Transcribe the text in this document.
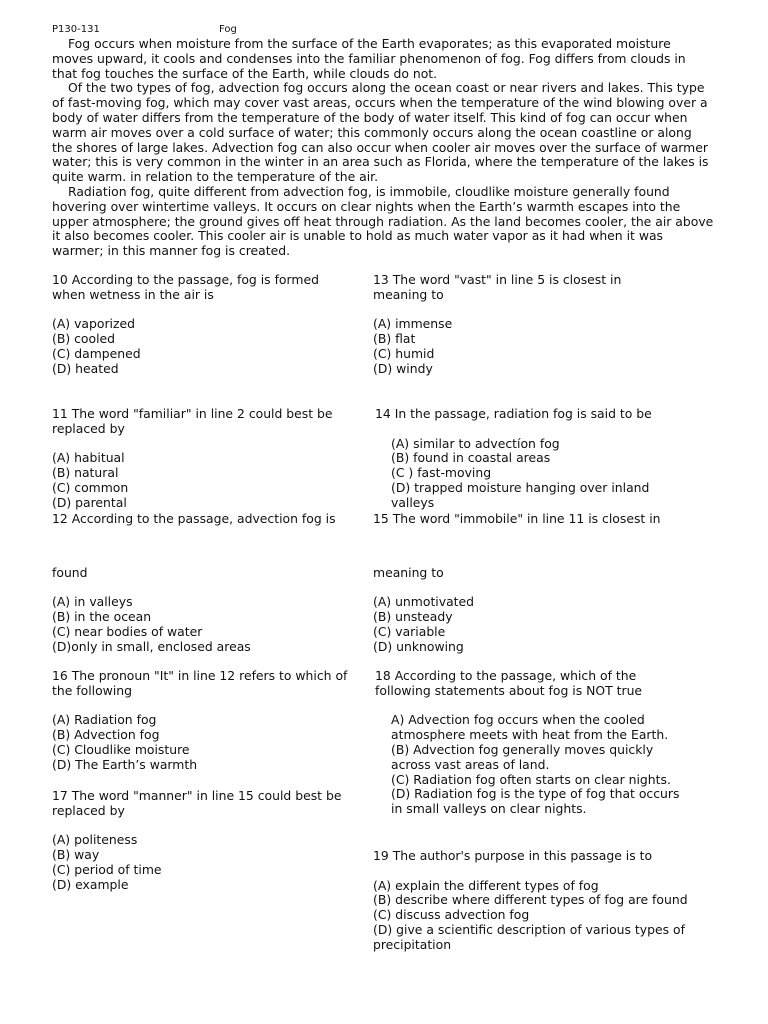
P130-131	Fog

Fog occurs when moisture from the surface of the Earth evaporates; as this evaporated moisture moves upward, it cools and condenses into the familiar phenomenon of fog. Fog differs from clouds in that fog touches the surface of the Earth, while clouds do not.

Of the two types of fog, advection fog occurs along the ocean coast or near rivers and lakes. This type of fast-moving fog, which may cover vast areas, occurs when the temperature of the wind blowing over a body of water differs from the temperature of the body of water itself. This kind of fog can occur when warm air moves over a cold surface of water; this commonly occurs along the ocean coastline or along the shores of large lakes. Advection fog can also occur when cooler air moves over the surface of warmer water; this is very common in the winter in an area such as Florida, where the temperature of the lakes is quite warm. in relation to the temperature of the air.

Radiation fog, quite different from advection fog, is immobile, cloudlike moisture generally found hovering over wintertime valleys. It occurs on clear nights when the Earth’s warmth escapes into the upper atmosphere; the ground gives off heat through radiation. As the land becomes cooler, the air above it also becomes cooler. This cooler air is unable to hold as much water vapor as it had when it was warmer; in this manner fog is created.

10 According to the passage, fog is formed
when wetness in the air is
(A) vaporized
(B) cooled
(C) dampened
(D) heated
11 The word "familiar" in line 2 could best be
replaced by
(A) habitual
(B) natural
(C) common
(D) parental
12 According to the passage, advection fog is
found
(A) in valleys
(B) in the ocean
(C) near bodies of water
(D)only in small, enclosed areas
16 The pronoun "It" in line 12 refers to which of
the following
(A) Radiation fog
(B) Advection fog
(C) Cloudlike moisture
(D) The Earth’s warmth
17 The word "manner" in line 15 could best be
replaced by
(A) politeness
(B) way
(C) period of time
(D) example
13 The word "vast" in line 5 is closest in
meaning to
(A) immense
(B) flat
(C) humid
(D) windy
14 In the passage, radiation fog is said to be
(A) similar to advectíon fog
(B) found in coastal areas
(C ) fast-moving
(D) trapped moisture hanging over inland valleys
15 The word "immobile" in line 11 is closest in
meaning to
(A) unmotivated
(B) unsteady
(C) variable
(D) unknowing
18 According to the passage, which of the
following statements about fog is NOT true
A) Advection fog occurs when the cooled atmosphere meets with heat from the Earth.
(B) Advection fog generally moves quickly across vast areas of land.
(C) Radiation fog often starts on clear nights.
(D) Radiation fog is the type of fog that occurs in small valleys on clear nights.
19 The author's purpose in this passage is to
(A) explain the different types of fog
(B) describe where different types of fog are found
(C) discuss advection fog
(D) give a scientific description of various types of precipitation
